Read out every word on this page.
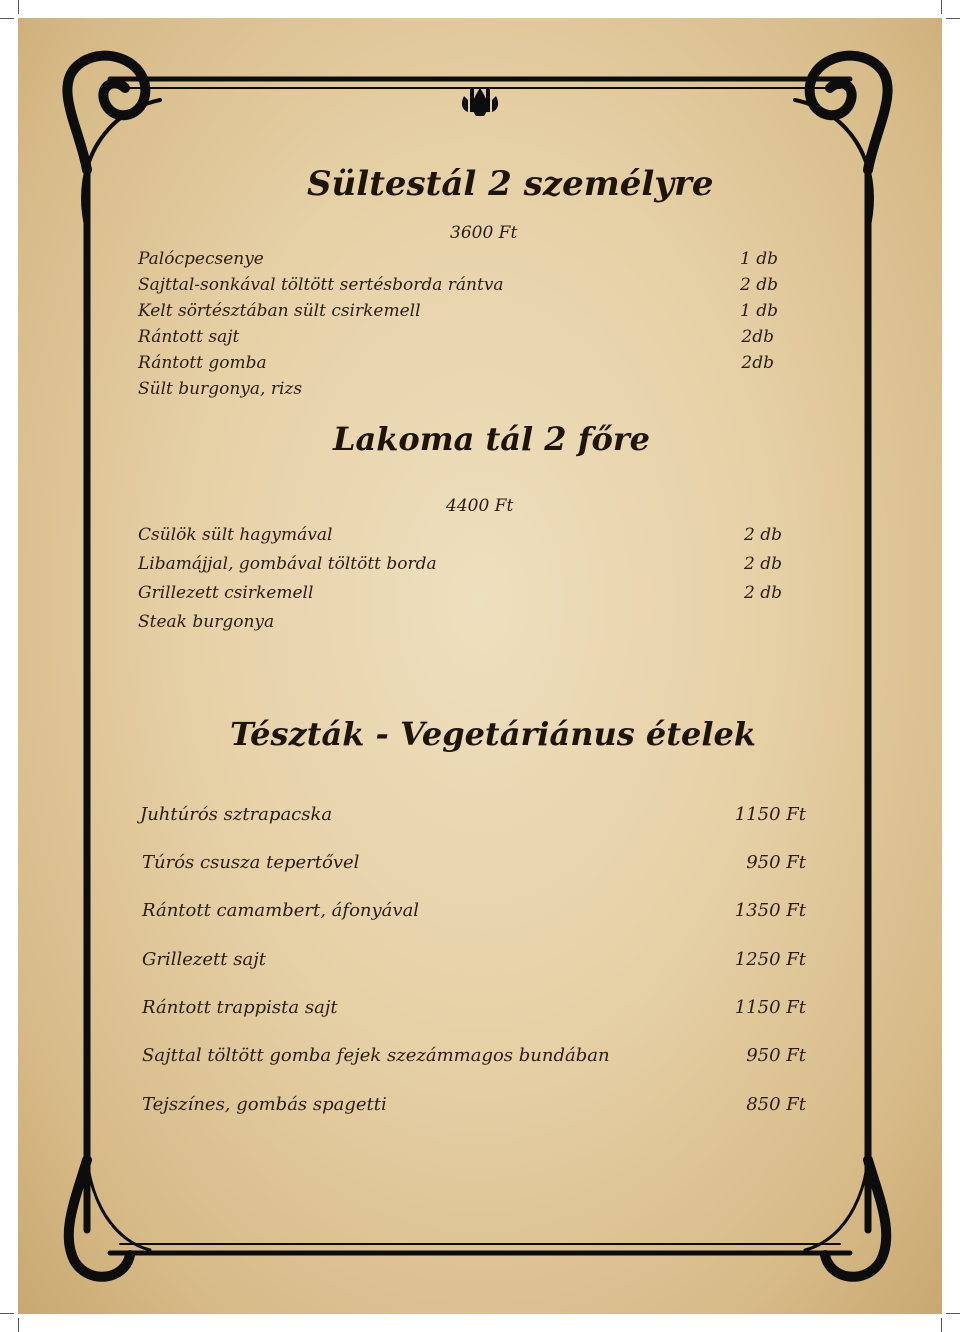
Sültestál 2 személyre
3600 Ft
Palócpecsenye
Sajttal-sonkával töltött sertésborda rántva
Kelt sörtésztában sült csirkemell
Rántott sajt
Rántott gomba
Sült burgonya, rizs
1 db
2 db
1 db
2db
2db
Lakoma tál 2 főre
4400 Ft
Csülök sült hagymával
Libamájjal, gombával töltött borda
Grillezett csirkemell
Steak burgonya
2 db
2 db
2 db
Tészták - Vegetáriánus ételek
Juhtúrós sztrapacska
Túrós csusza tepertővel
Rántott camambert, áfonyával
Grillezett sajt
Rántott trappista sajt
Sajttal töltött gomba fejek szezámmagos bundában
Tejszínes, gombás spagetti
1150 Ft
950 Ft
1350 Ft
1250 Ft
1150 Ft
950 Ft
850 Ft
